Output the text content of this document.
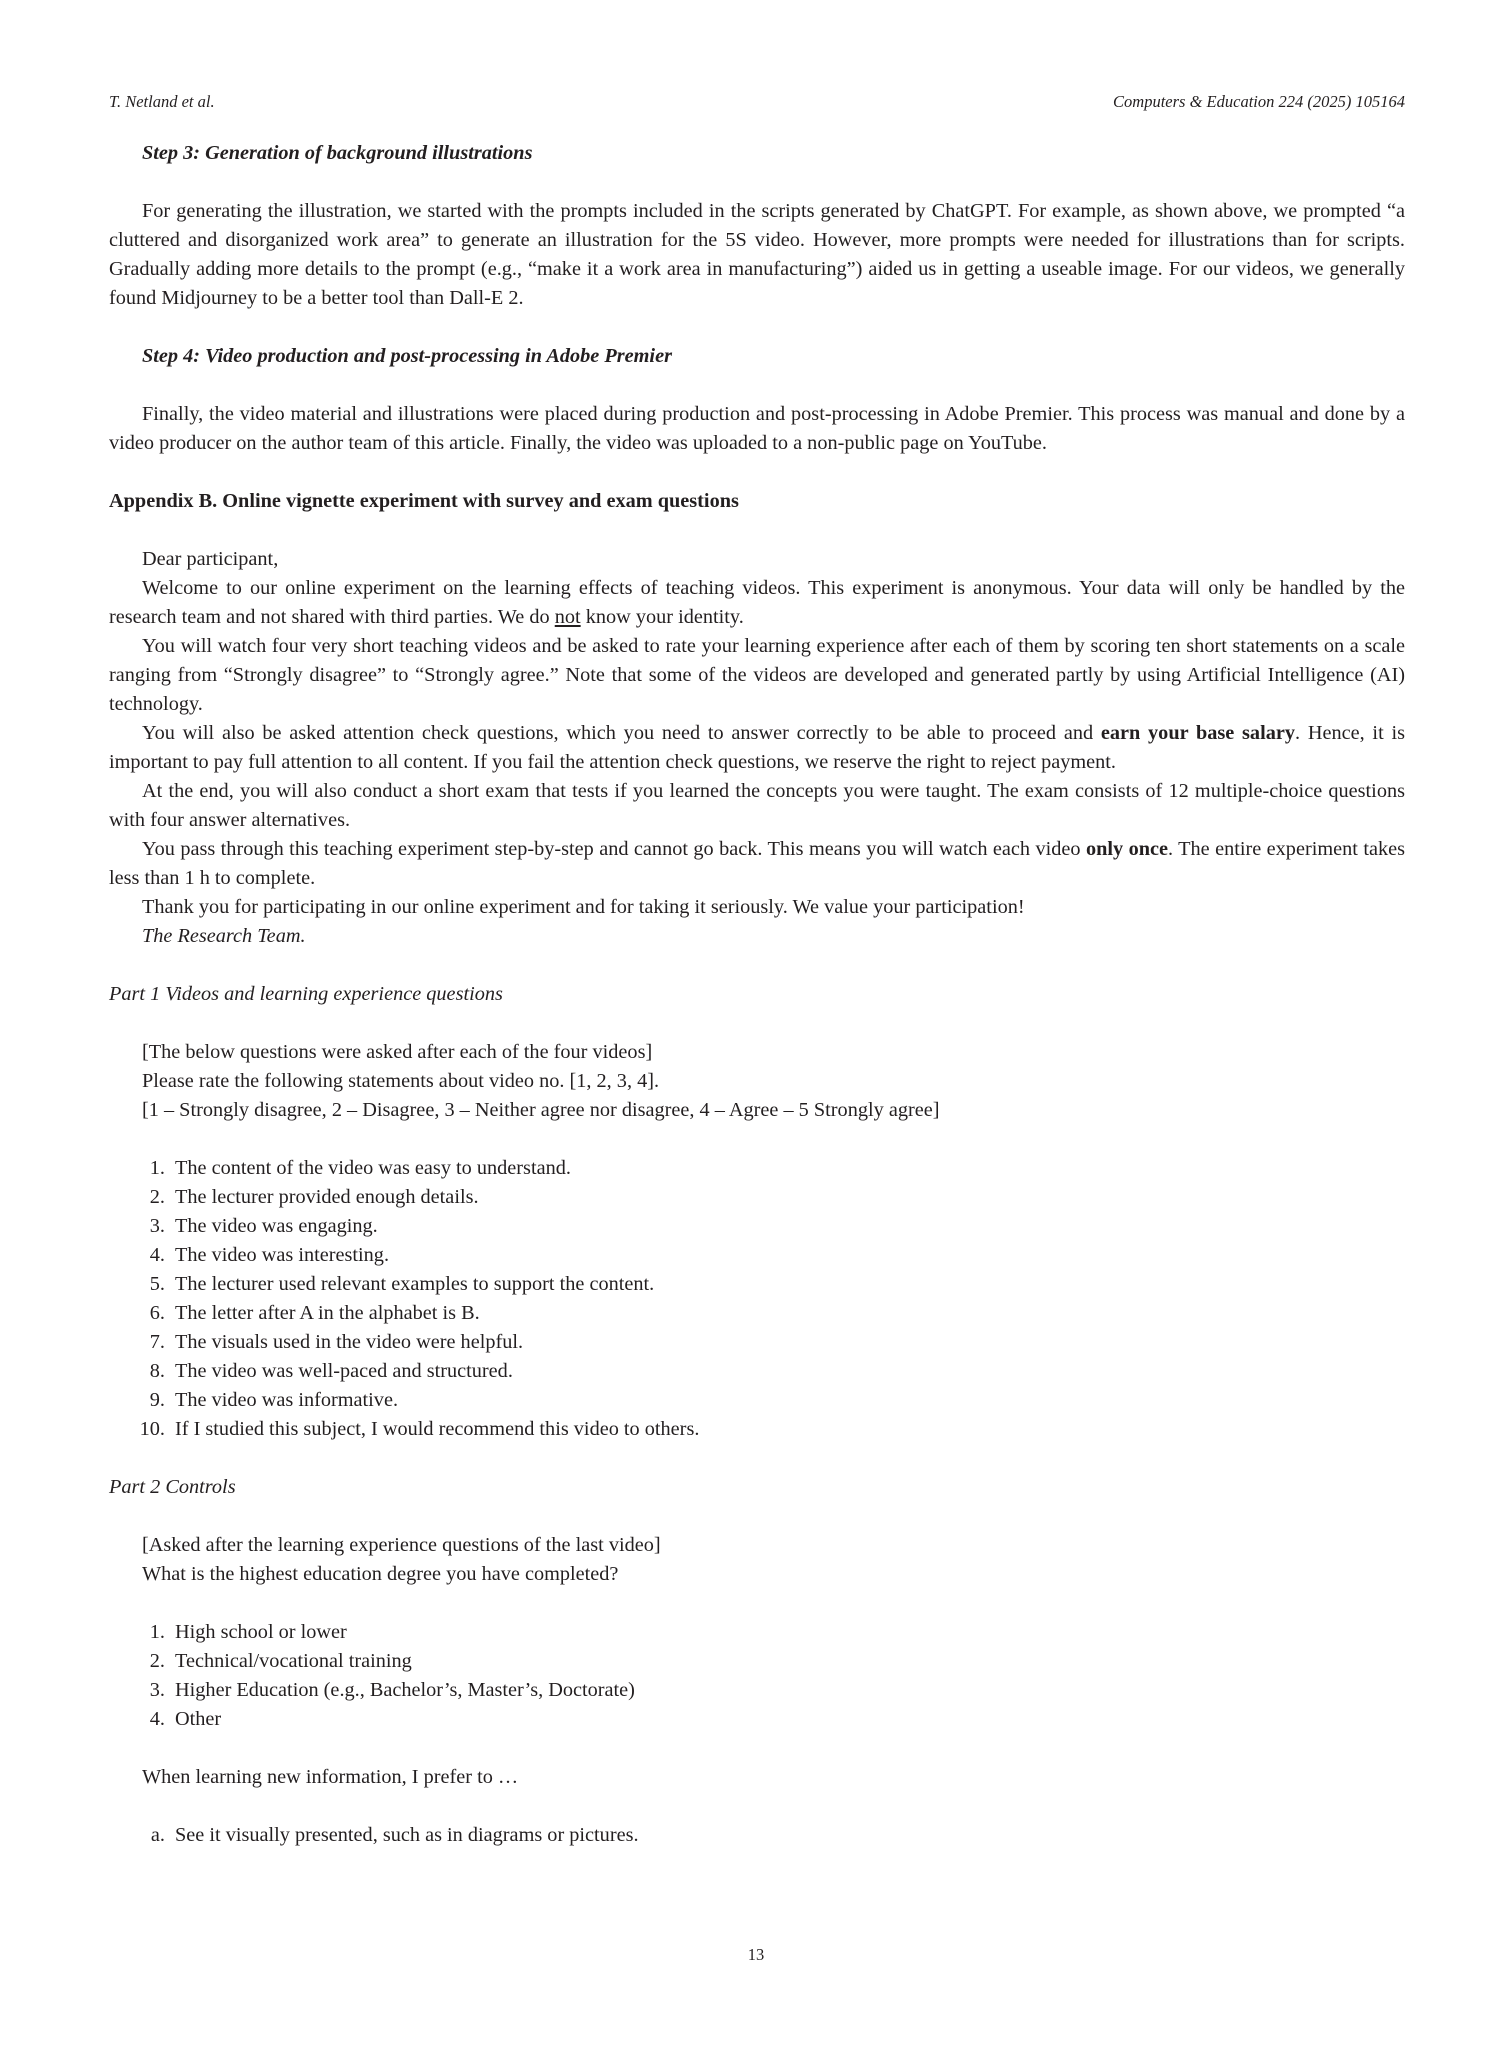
T. Netland et al.	Computers & Education 224 (2025) 105164

Step 3: Generation of background illustrations

For generating the illustration, we started with the prompts included in the scripts generated by ChatGPT. For example, as shown above, we prompted “a cluttered and disorganized work area” to generate an illustration for the 5S video. However, more prompts were needed for illustrations than for scripts. Gradually adding more details to the prompt (e.g., “make it a work area in manufacturing”) aided us in getting a useable image. For our videos, we generally found Midjourney to be a better tool than Dall-E 2.

Step 4: Video production and post-processing in Adobe Premier

Finally, the video material and illustrations were placed during production and post-processing in Adobe Premier. This process was manual and done by a video producer on the author team of this article. Finally, the video was uploaded to a non-public page on YouTube.

Appendix B. Online vignette experiment with survey and exam questions

Dear participant,

Welcome to our online experiment on the learning effects of teaching videos. This experiment is anonymous. Your data will only be handled by the research team and not shared with third parties. We do not know your identity.

You will watch four very short teaching videos and be asked to rate your learning experience after each of them by scoring ten short statements on a scale ranging from “Strongly disagree” to “Strongly agree.” Note that some of the videos are developed and generated partly by using Artificial Intelligence (AI) technology.

You will also be asked attention check questions, which you need to answer correctly to be able to proceed and earn your base salary. Hence, it is important to pay full attention to all content. If you fail the attention check questions, we reserve the right to reject payment.

At the end, you will also conduct a short exam that tests if you learned the concepts you were taught. The exam consists of 12 multiple-choice questions with four answer alternatives.

You pass through this teaching experiment step-by-step and cannot go back. This means you will watch each video only once. The entire experiment takes less than 1 h to complete.

Thank you for participating in our online experiment and for taking it seriously. We value your participation!

The Research Team.

Part 1 Videos and learning experience questions

[The below questions were asked after each of the four videos]

Please rate the following statements about video no. [1, 2, 3, 4].

[1 – Strongly disagree, 2 – Disagree, 3 – Neither agree nor disagree, 4 – Agree – 5 Strongly agree]

1. The content of the video was easy to understand.
2. The lecturer provided enough details.
3. The video was engaging.
4. The video was interesting.
5. The lecturer used relevant examples to support the content.
6. The letter after A in the alphabet is B.
7. The visuals used in the video were helpful.
8. The video was well-paced and structured.
9. The video was informative.
10. If I studied this subject, I would recommend this video to others.

Part 2 Controls

[Asked after the learning experience questions of the last video]

What is the highest education degree you have completed?

1. High school or lower
2. Technical/vocational training
3. Higher Education (e.g., Bachelor’s, Master’s, Doctorate)
4. Other

When learning new information, I prefer to …

a. See it visually presented, such as in diagrams or pictures.
13
